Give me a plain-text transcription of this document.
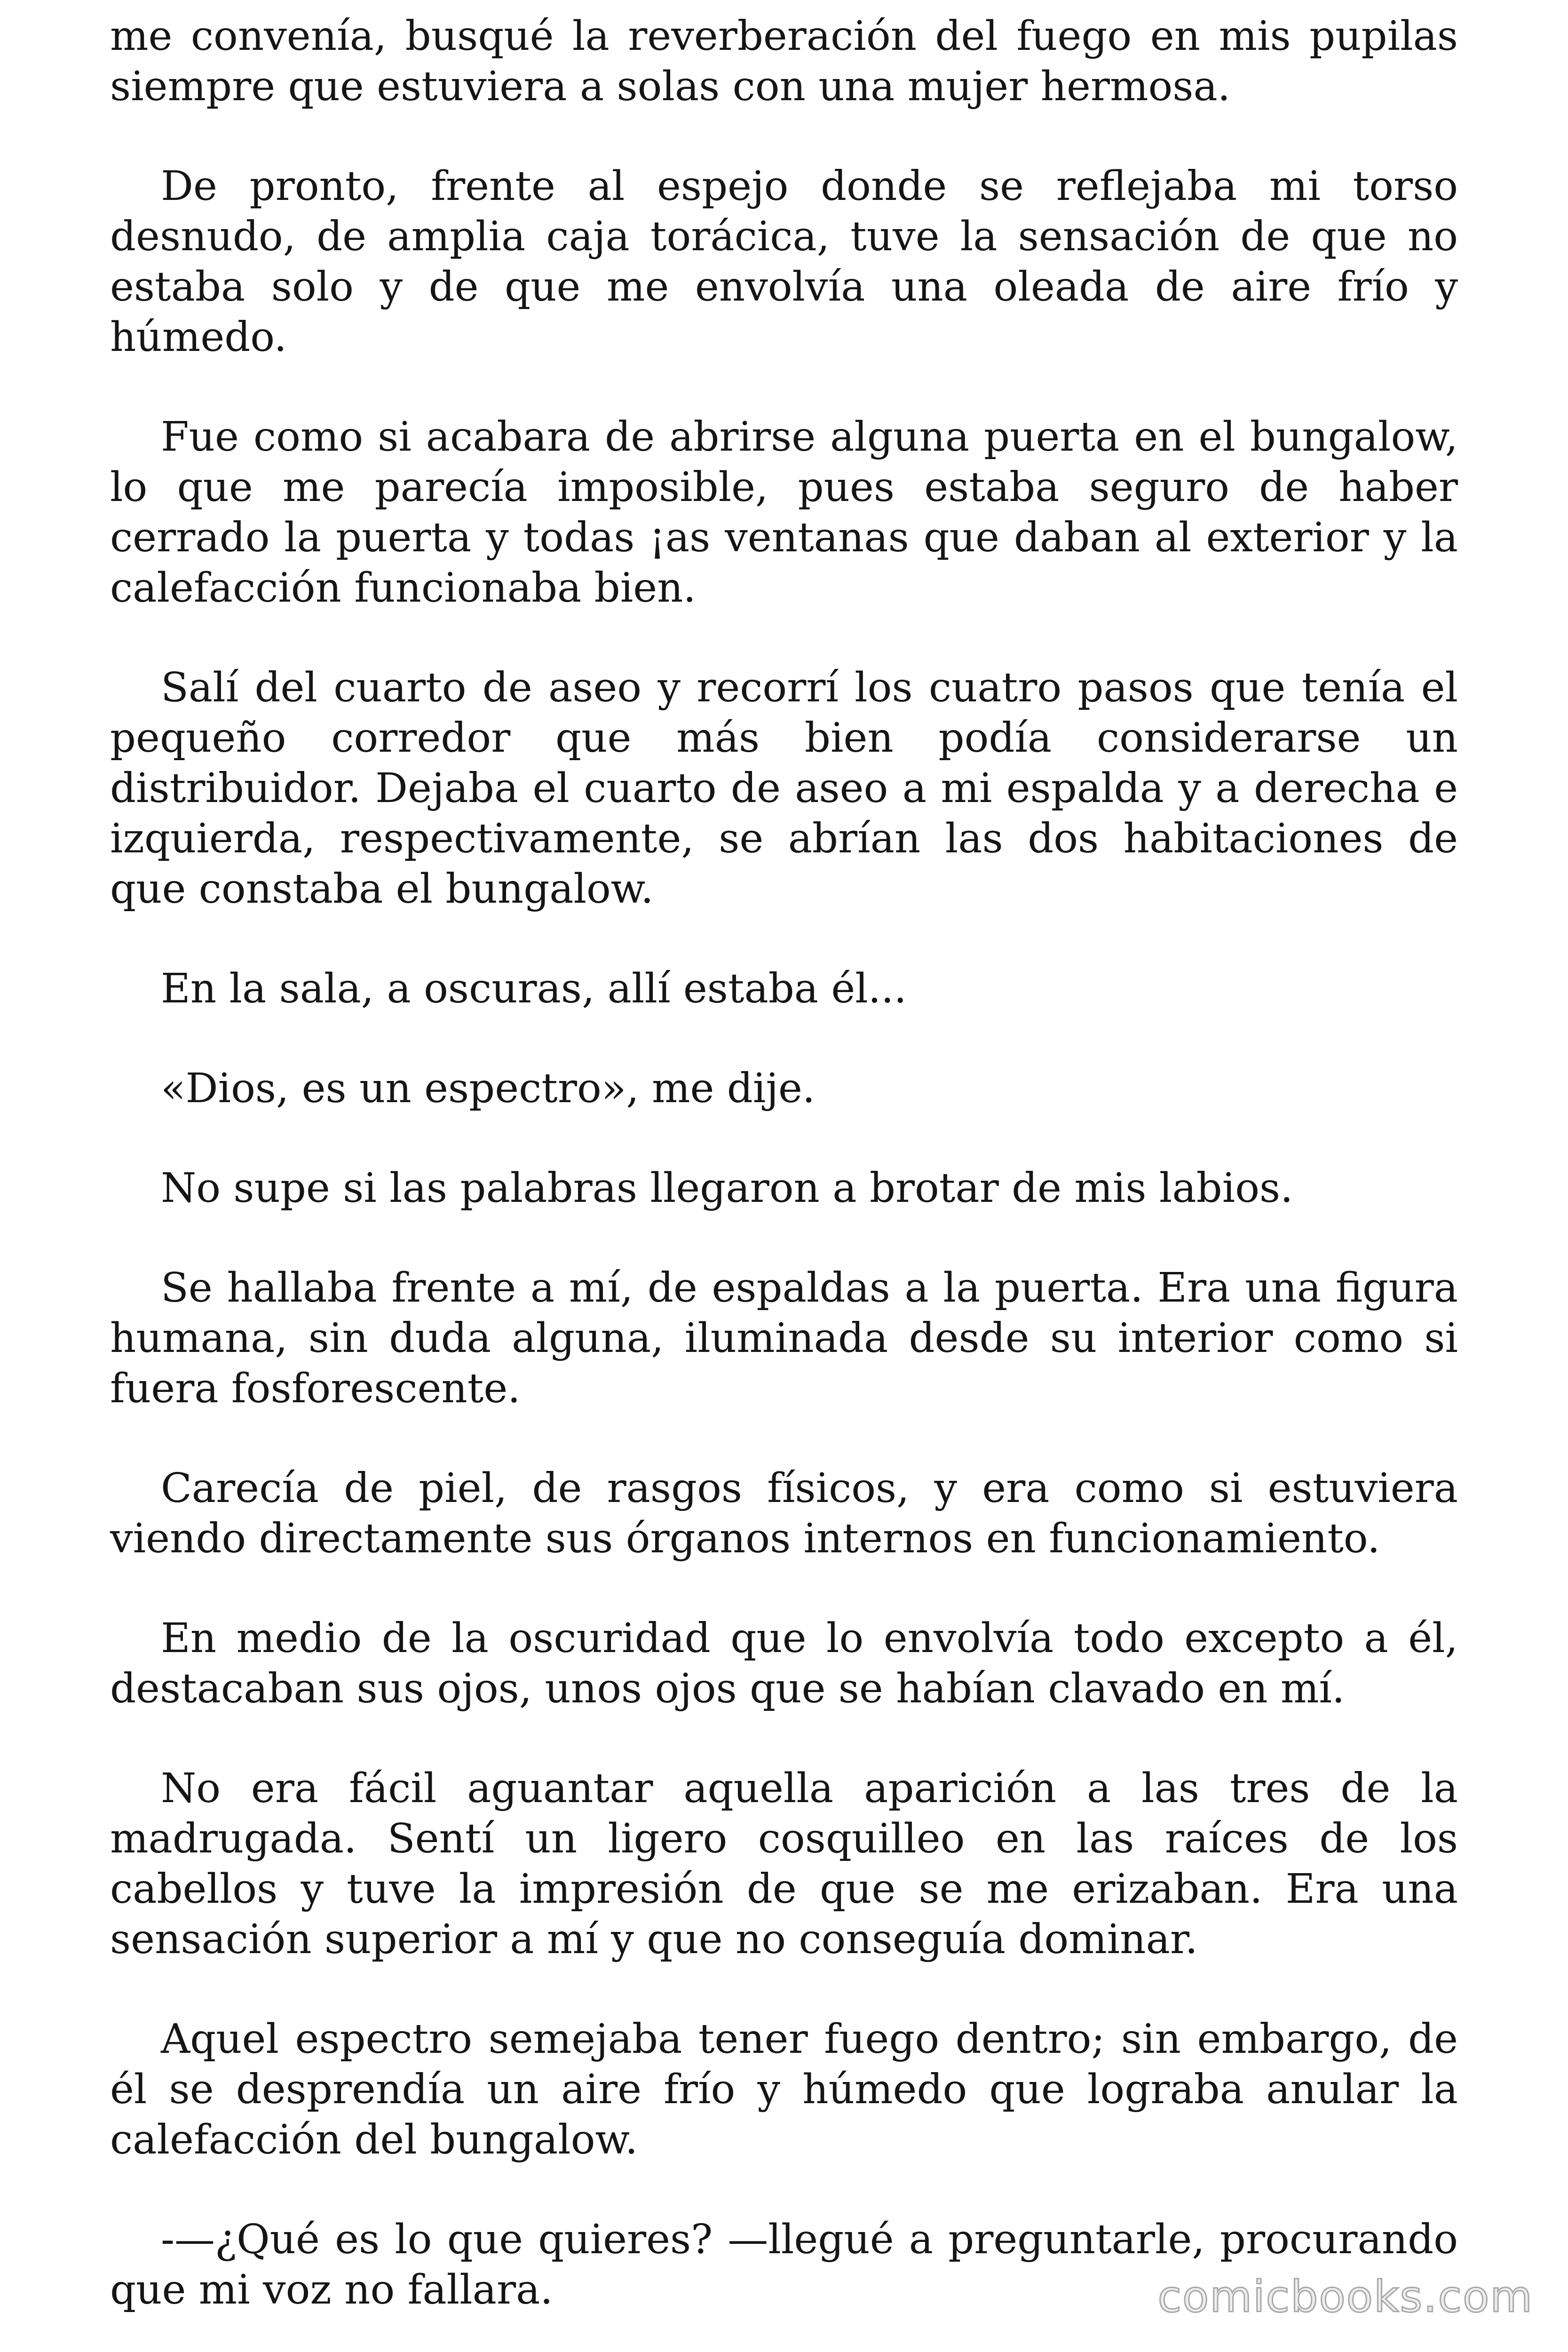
me convenía, busqué la reverberación del fuego en mis pupilas siempre que estuviera a solas con una mujer hermosa.

De pronto, frente al espejo donde se reflejaba mi torso desnudo, de amplia caja torácica, tuve la sensación de que no estaba solo y de que me envolvía una oleada de aire frío y húmedo.

Fue como si acabara de abrirse alguna puerta en el bungalow, lo que me parecía imposible, pues estaba seguro de haber cerrado la puerta y todas ¡as ventanas que daban al exterior y la calefacción funcionaba bien.

Salí del cuarto de aseo y recorrí los cuatro pasos que tenía el pequeño corredor que más bien podía considerarse un distribuidor. Dejaba el cuarto de aseo a mi espalda y a derecha e izquierda, respectivamente, se abrían las dos habitaciones de que constaba el bungalow.

En la sala, a oscuras, allí estaba él...

«Dios, es un espectro», me dije.

No supe si las palabras llegaron a brotar de mis labios.

Se hallaba frente a mí, de espaldas a la puerta. Era una figura humana, sin duda alguna, iluminada desde su interior como si fuera fosforescente.

Carecía de piel, de rasgos físicos, y era como si estuviera viendo directamente sus órganos internos en funcionamiento.

En medio de la oscuridad que lo envolvía todo excepto a él, destacaban sus ojos, unos ojos que se habían clavado en mí.

No era fácil aguantar aquella aparición a las tres de la madrugada. Sentí un ligero cosquilleo en las raíces de los cabellos y tuve la impresión de que se me erizaban. Era una sensación superior a mí y que no conseguía dominar.

Aquel espectro semejaba tener fuego dentro; sin embargo, de él se desprendía un aire frío y húmedo que lograba anular la calefacción del bungalow.

-—¿Qué es lo que quieres? —llegué a preguntarle, procurando que mi voz no fallara.	comicbooks.com
